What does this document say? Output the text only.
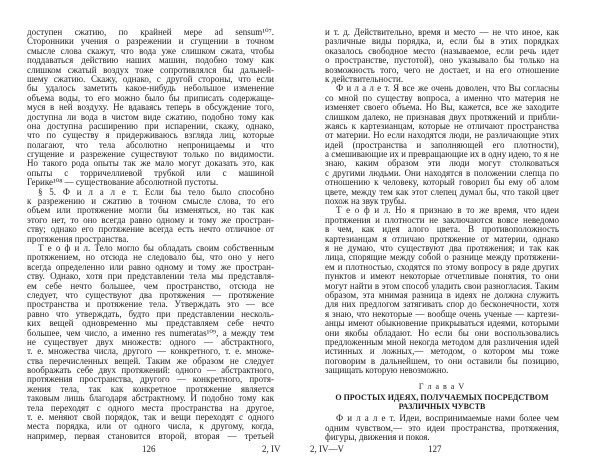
доступен сжатию, по крайней мере ad sensum¹⁰⁷.
Сторонники учения о разрежении и сгущении в точном
смысле слова скажут, что вода уже слишком сжата, чтобы
поддаваться действию наших машин, подобно тому как
слишком сжатый воздух тоже сопротивлялся бы дальней-
шему сжатию. Скажу, однако, с другой стороны, что если
бы удалось заметить какое-нибудь небольшое изменение
объема воды, то его можно было бы приписать содержаще-
муся в ней воздуху. Не вдаваясь теперь в обсуждение того,
доступна ли вода в чистом виде сжатию, подобно тому как
она доступна расширению при испарении, скажу, однако,
что по существу я придерживаюсь взгляда лиц, которые
полагают, что тела абсолютно непроницаемы и что
сгущение и разрежение существуют только по видимости.
Но такого рода опыты так же мало могут доказать это, как
опыты с торричеллиевой трубкой или с машиной
Герике¹⁰⁸ — существование абсолютной пустоты.
§ 5. Ф и л а л е т. Если бы тело было способно
к разрежению и сжатию в точном смысле слова, то его
объем или протяжение могли бы изменяться, но так как
этого нет, то оно всегда равно одному и тому же простран-
ству; однако его протяжение всегда есть нечто отличное от
протяжения пространства.
Т е о ф и л. Тело могло бы обладать своим собственным
протяжением, но отсюда не следовало бы, что оно у него
всегда определенно или равно одному и тому же простран-
ству. Однако, хотя при представлении тела мы представля-
ем себе нечто большее, чем пространство, отсюда не
следует, что существуют два протяжения — протяжение
пространства и протяжение тела. Утверждать это — все
равно что утверждать, будто при представлении несколь-
ких вещей одновременно мы представляем себе нечто
большее, чем число, а именно res numeratas¹⁰⁹, а между тем
не существует двух множеств: одного — абстрактного,
т. е. множества числа, другого — конкретного, т. е. множе-
ства перечисленных вещей. Таким же образом не следует
воображать себе двух протяжений: одного — абстрактного,
протяжения пространства, другого — конкретного, протя-
жения тела, так как конкретное протяжение является
таковым лишь благодаря абстрактному. И подобно тому как
тела переходят с одного места пространства на другое,
т. е. меняют свой порядок, так и вещи переходят с одного
места порядка, или от одного числа, к другому, когда,
например, первая становится второй, вторая — третьей
и т. д. Действительно, время и место — не что иное, как
различные виды порядка, и, если бы в этих порядках
оказалось свободное место (называемое, если речь идет
о пространстве, пустотой), оно указывало бы только на
возможность того, чего не достает, и на его отношение
к действительности.
Ф и л а л е т. Я все же очень доволен, что Вы согласны
со мной по существу вопроса, а именно что материя не
изменяет своего объема. Но Вы, кажется, все же заходите
слишком далеко, не признавая двух протяжений и прибли-
жаясь к картезианцам, которые не отличают пространства
от материи. Но если находятся люди, не различающие этих
идей (пространства и заполняющей его плотности),
а смешивающие их и превращающие их в одну идею, то я не
знаю, каким образом эти люди могут столковаться
с другими людьми. Они находятся в положении слепца по
отношению к человеку, который говорил бы ему об алом
цвете, между тем как этот слепец думал бы, что такой цвет
похож на звук трубы.
Т е о ф и л. Но я признаю в то же время, что идеи
протяжения и плотности не заключаются вовсе неведомо
в чем, как идея алого цвета. В противоположность
картезианцам я отличаю протяжение от материи, однако
я не думаю, что существуют два протяжения; и так как
лица, спорящие между собой о разнице между протяжени-
ем и плотностью, сходятся по этому вопросу в ряде других
пунктов и имеют некоторые отчетливые понятия, то они
могут найти в этом способ уладить свои разногласия. Таким
образом, эта мнимая разница в идеях не должна служить
для них предлогом затягивать спор до бесконечности, хотя
я знаю, что некоторые — вообще очень ученые — картези-
анцы имеют обыкновение прикрываться идеями, которыми
они якобы обладают. Но если бы они воспользовались
предложенным мной некогда методом для различения идей
истинных и ложных,— методом, о котором мы тоже
поговорим в дальнейшем, то они оставили бы позицию,
защищать которую невозможно.
Г л а в а V
О ПРОСТЫХ ИДЕЯХ, ПОЛУЧАЕМЫХ ПОСРЕДСТВОМ
РАЗЛИЧНЫХ ЧУВСТВ
Ф и л а л е т. Идеи, воспринимаемые нами более чем
одним чувством,— это идеи пространства, протяжения,
фигуры, движения и покоя.
126	2, IV	2, IV—V	127
